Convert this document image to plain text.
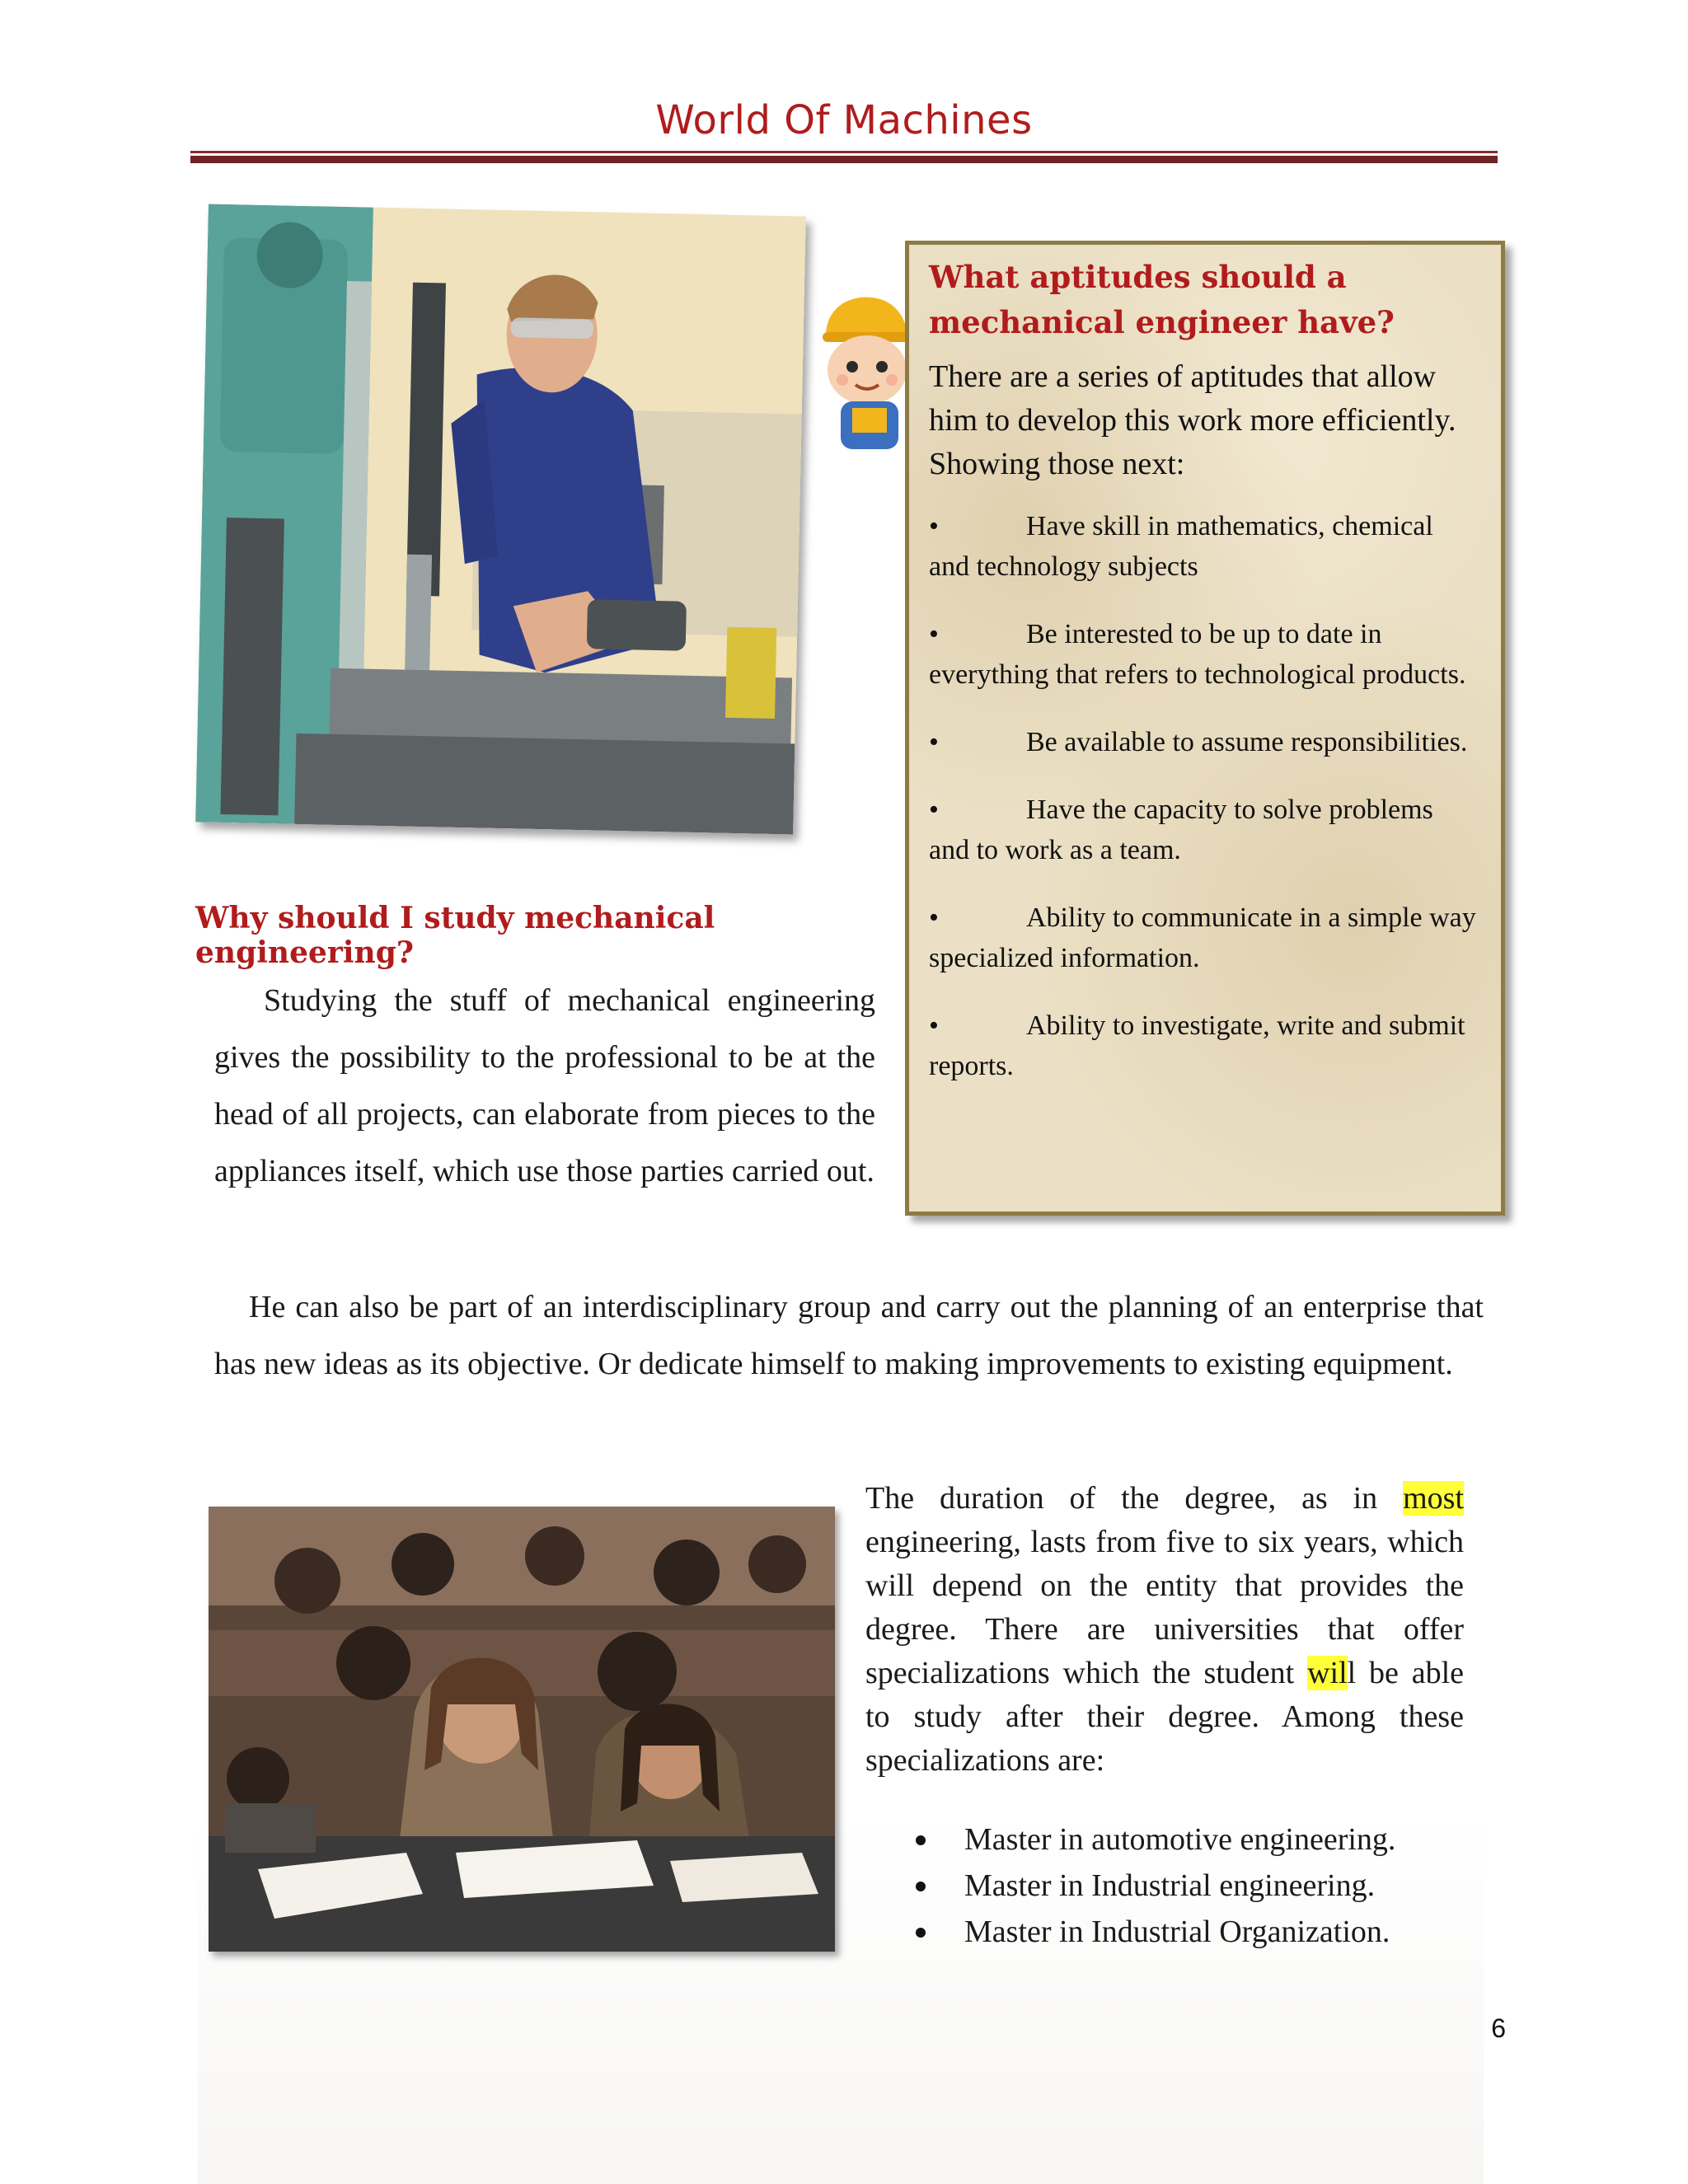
World Of Machines
What aptitudes should a mechanical engineer have?

There are a series of aptitudes that allow him to develop this work more efficiently. Showing those next:

•	Have skill in mathematics, chemical and technology subjects

•	Be interested to be up to date in everything that refers to technological products.

•	Be available to assume responsibilities.

•	Have the capacity to solve problems and to work as a team.

•	Ability to communicate in a simple way specialized information.

•	Ability to investigate, write and submit reports.

Why should I study mechanical engineering?

Studying the stuff of mechanical engineering gives the possibility to the professional to be at the head of all projects, can elaborate from pieces to the appliances itself, which use those parties carried out.

He can also be part of an interdisciplinary group and carry out the planning of an enterprise that has new ideas as its objective. Or dedicate himself to making improvements to existing equipment.

The duration of the degree, as in most engineering, lasts from five to six years, which will depend on the entity that provides the degree. There are universities that offer specializations which the student will be able to study after their degree. Among these specializations are:

Master in automotive engineering.
Master in Industrial engineering.
Master in Industrial Organization.
6
